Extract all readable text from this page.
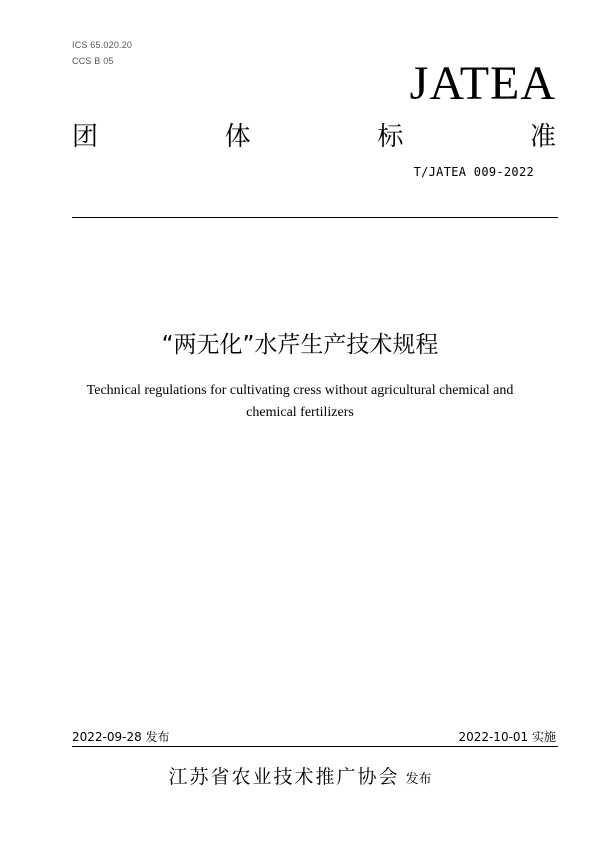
ICS 65.020.20
CCS B 05	JATEA
团	体	标	准
T/JATEA 009-2022
“两无化”水芹生产技术规程
Technical regulations for cultivating cress without agricultural chemical and chemical fertilizers
2022-09-28 发布	2022-10-01 实施
江苏省农业技术推广协会 发布
